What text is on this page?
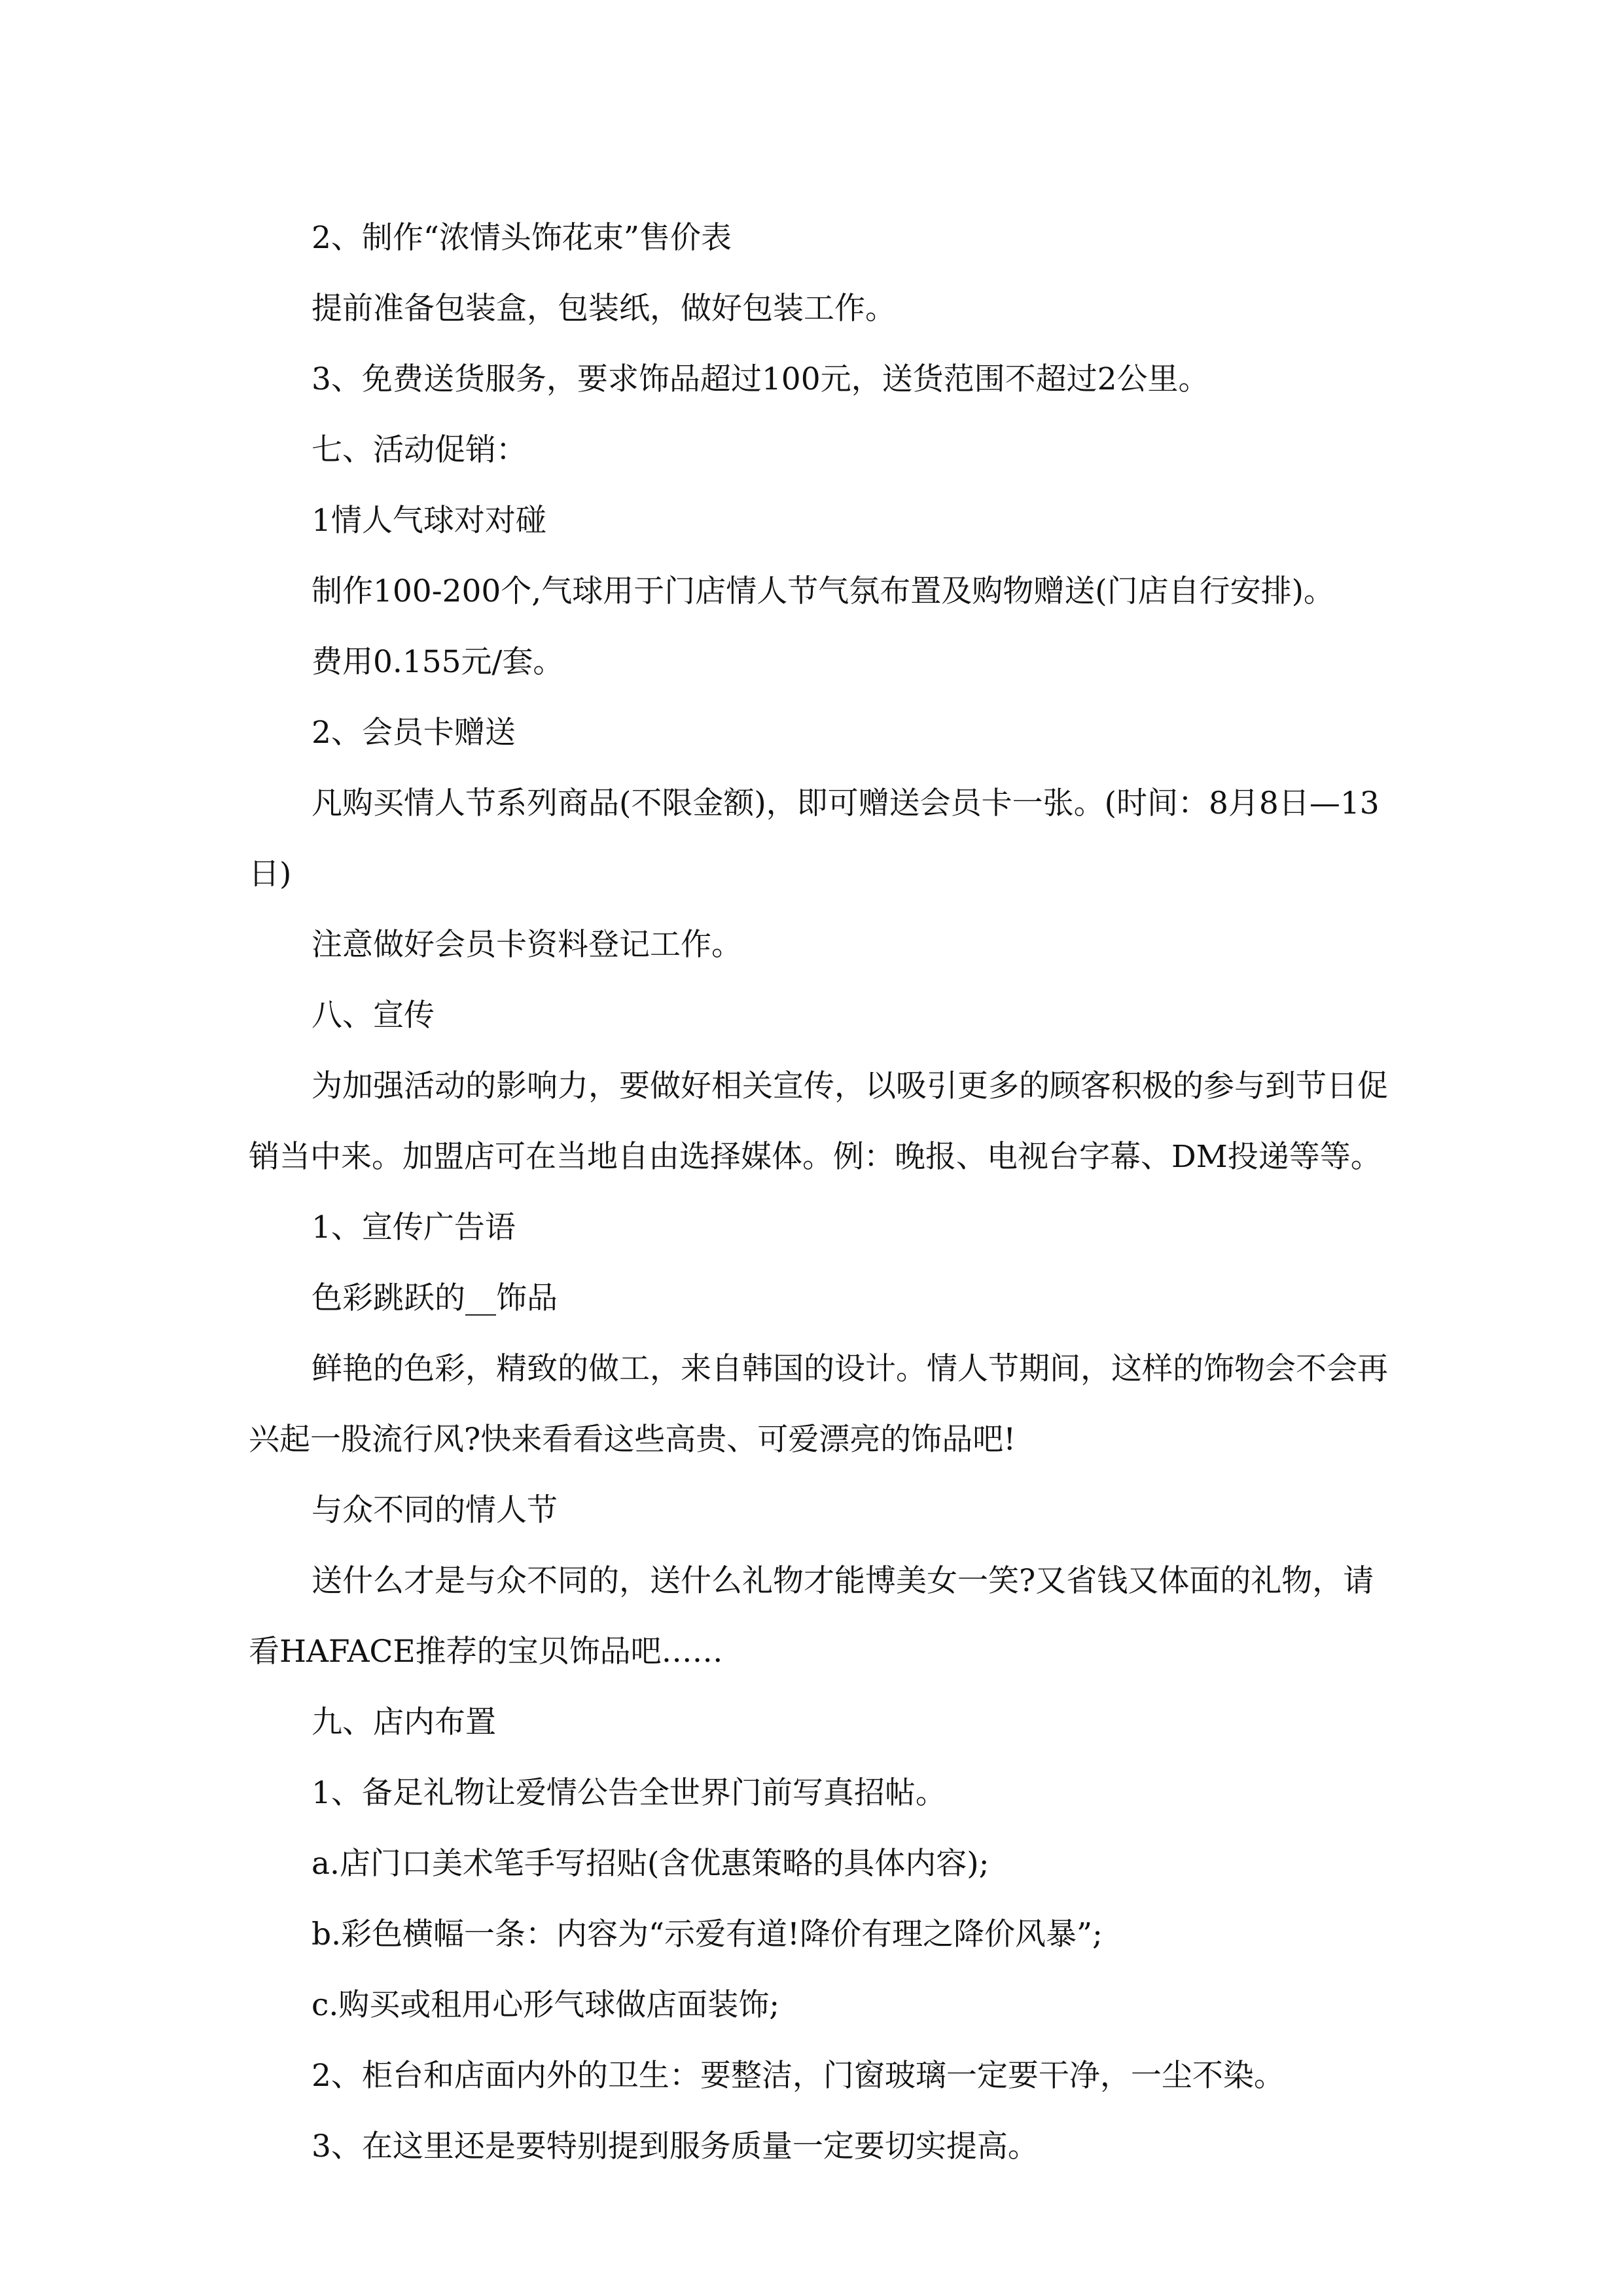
2、制作“浓情头饰花束”售价表

提前准备包装盒，包装纸，做好包装工作。

3、免费送货服务，要求饰品超过100元，送货范围不超过2公里。

七、活动促销：

1情人气球对对碰

制作100-200个,气球用于门店情人节气氛布置及购物赠送(门店自行安排)。

费用0.155元/套。

2、会员卡赠送

凡购买情人节系列商品(不限金额)，即可赠送会员卡一张。(时间：8月8日—13日)

注意做好会员卡资料登记工作。

八、宣传

为加强活动的影响力，要做好相关宣传，以吸引更多的顾客积极的参与到节日促销当中来。加盟店可在当地自由选择媒体。例：晚报、电视台字幕、DM投递等等。

1、宣传广告语

色彩跳跃的__饰品

鲜艳的色彩，精致的做工，来自韩国的设计。情人节期间，这样的饰物会不会再兴起一股流行风?快来看看这些高贵、可爱漂亮的饰品吧!

与众不同的情人节

送什么才是与众不同的，送什么礼物才能博美女一笑?又省钱又体面的礼物，请看HAFACE推荐的宝贝饰品吧……

九、店内布置

1、备足礼物让爱情公告全世界门前写真招帖。

a.店门口美术笔手写招贴(含优惠策略的具体内容);

b.彩色横幅一条：内容为“示爱有道!降价有理之降价风暴”;

c.购买或租用心形气球做店面装饰;

2、柜台和店面内外的卫生：要整洁，门窗玻璃一定要干净，一尘不染。

3、在这里还是要特别提到服务质量一定要切实提高。
